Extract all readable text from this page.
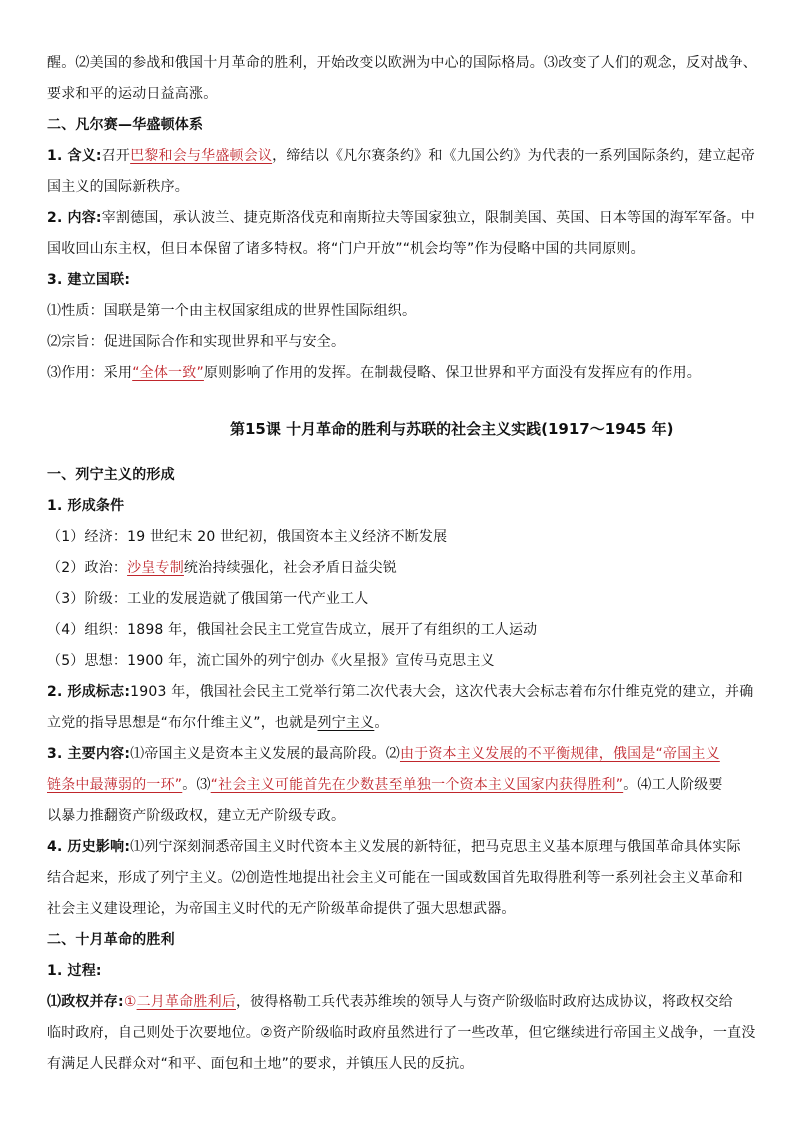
醒。⑵美国的参战和俄国十月革命的胜利，开始改变以欧洲为中心的国际格局。⑶改变了人们的观念，反对战争、

要求和平的运动日益高涨。

二、凡尔赛—华盛顿体系

1. 含义:召开巴黎和会与华盛顿会议，缔结以《凡尔赛条约》和《九国公约》为代表的一系列国际条约，建立起帝

国主义的国际新秩序。

2. 内容:宰割德国，承认波兰、捷克斯洛伐克和南斯拉夫等国家独立，限制美国、英国、日本等国的海军军备。中

国收回山东主权，但日本保留了诸多特权。将“门户开放”“机会均等”作为侵略中国的共同原则。

3. 建立国联:

⑴性质：国联是第一个由主权国家组成的世界性国际组织。

⑵宗旨：促进国际合作和实现世界和平与安全。

⑶作用：采用“全体一致”原则影响了作用的发挥。在制裁侵略、保卫世界和平方面没有发挥应有的作用。

第15课 十月革命的胜利与苏联的社会主义实践(1917～1945 年)

一、列宁主义的形成

1. 形成条件

（1）经济：19 世纪末 20 世纪初，俄国资本主义经济不断发展

（2）政治：沙皇专制统治持续强化，社会矛盾日益尖锐

（3）阶级：工业的发展造就了俄国第一代产业工人

（4）组织：1898 年，俄国社会民主工党宣告成立，展开了有组织的工人运动

（5）思想：1900 年，流亡国外的列宁创办《火星报》宣传马克思主义

2. 形成标志:1903 年，俄国社会民主工党举行第二次代表大会，这次代表大会标志着布尔什维克党的建立，并确

立党的指导思想是“布尔什维主义”，也就是列宁主义。

3. 主要内容:⑴帝国主义是资本主义发展的最高阶段。⑵由于资本主义发展的不平衡规律，俄国是“帝国主义

链条中最薄弱的一环”。⑶“社会主义可能首先在少数甚至单独一个资本主义国家内获得胜利”。⑷工人阶级要

以暴力推翻资产阶级政权，建立无产阶级专政。

4. 历史影响:⑴列宁深刻洞悉帝国主义时代资本主义发展的新特征，把马克思主义基本原理与俄国革命具体实际

结合起来，形成了列宁主义。⑵创造性地提出社会主义可能在一国或数国首先取得胜利等一系列社会主义革命和

社会主义建设理论，为帝国主义时代的无产阶级革命提供了强大思想武器。

二、十月革命的胜利

1. 过程:

⑴政权并存:①二月革命胜利后，彼得格勒工兵代表苏维埃的领导人与资产阶级临时政府达成协议，将政权交给

临时政府，自己则处于次要地位。②资产阶级临时政府虽然进行了一些改革，但它继续进行帝国主义战争，一直没

有满足人民群众对“和平、面包和土地”的要求，并镇压人民的反抗。
